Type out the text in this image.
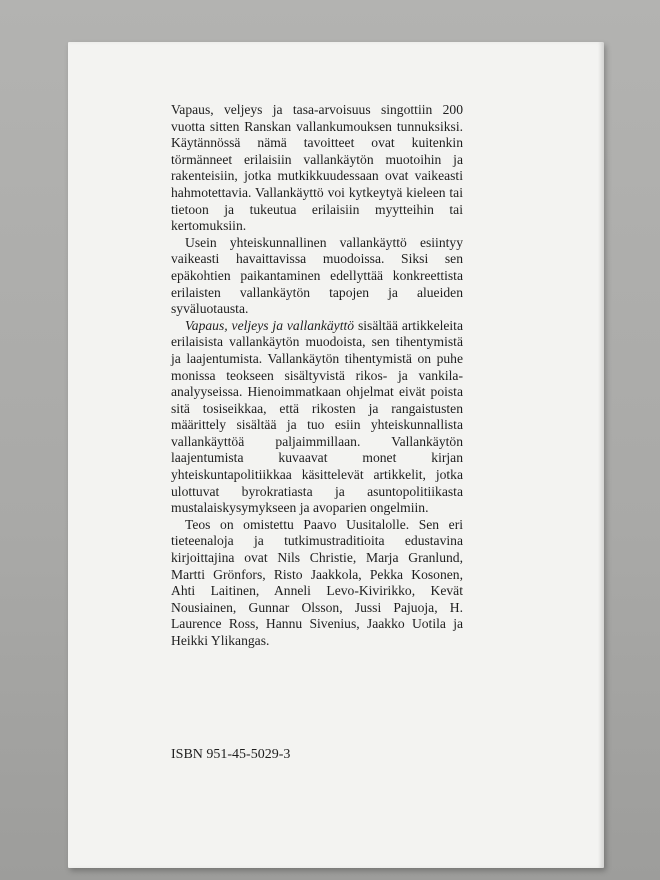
Vapaus, veljeys ja tasa-arvoisuus singottiin 200 vuotta sitten Ranskan vallankumouksen tunnuksiksi. Käytännössä nämä tavoitteet ovat kuitenkin törmänneet erilaisiin vallankäytön muotoihin ja rakenteisiin, jotka mutkikkuudessaan ovat vaikeasti hahmotettavia. Vallankäyttö voi kytkeytyä kieleen tai tietoon ja tukeutua erilaisiin myytteihin tai kertomuksiin.

Usein yhteiskunnallinen vallankäyttö esiintyy vaikeasti havaittavissa muodoissa. Siksi sen epäkohtien paikantaminen edellyttää konkreettista erilaisten vallankäytön tapojen ja alueiden syväluotausta.

Vapaus, veljeys ja vallankäyttö sisältää artikkeleita erilaisista vallankäytön muodoista, sen tihentymistä ja laajentumista. Vallankäytön tihentymistä on puhe monissa teokseen sisältyvistä rikos- ja vankila-analyyseissa. Hienoimmatkaan ohjelmat eivät poista sitä tosiseikkaa, että rikosten ja rangaistusten määrittely sisältää ja tuo esiin yhteiskunnallista vallankäyttöä paljaimmillaan. Vallankäytön laajentumista kuvaavat monet kirjan yhteiskuntapolitiikkaa käsittelevät artikkelit, jotka ulottuvat byrokratiasta ja asuntopolitiikasta mustalaiskysymykseen ja avoparien ongelmiin.

Teos on omistettu Paavo Uusitalolle. Sen eri tieteenaloja ja tutkimustraditioita edustavina kirjoittajina ovat Nils Christie, Marja Granlund, Martti Grönfors, Risto Jaakkola, Pekka Kosonen, Ahti Laitinen, Anneli Levo-Kivirikko, Kevät Nousiainen, Gunnar Olsson, Jussi Pajuoja, H. Laurence Ross, Hannu Sivenius, Jaakko Uotila ja Heikki Ylikangas.

ISBN 951-45-5029-3
